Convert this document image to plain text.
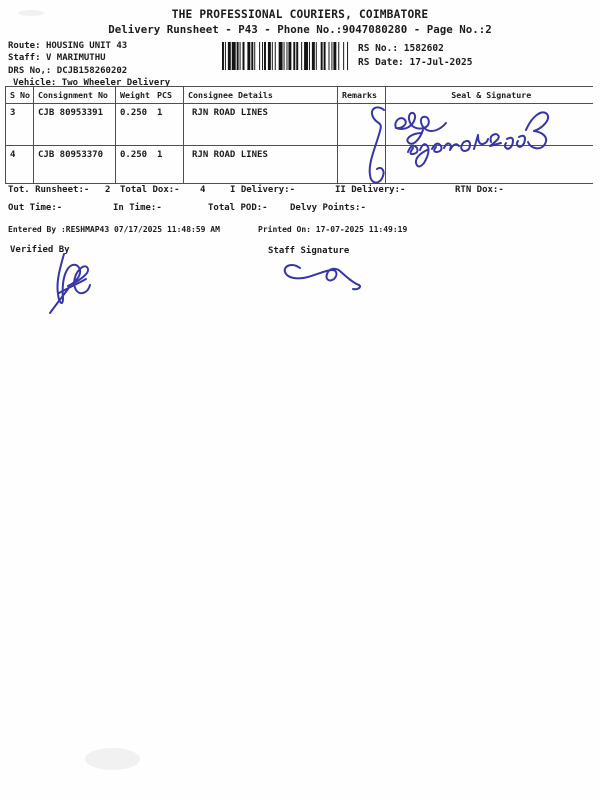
THE PROFESSIONAL COURIERS, COIMBATORE
Delivery Runsheet - P43 - Phone No.:9047080280 - Page No.:2
Route: HOUSING UNIT 43
Staff: V MARIMUTHU
DRS No,: DCJB158260202
Vehicle: Two Wheeler Delivery
RS No.: 1582602
RS Date: 17-Jul-2025
S No	Consignment No	Weight PCS	Consignee Details	Remarks	Seal & Signature
3	CJB 80953391	0.250 1	RJN ROAD LINES		
4	CJB 80953370	0.250 1	RJN ROAD LINES		
Tot. Runsheet:- 2 Total Dox:- 4	I Delivery:-	II Delivery:-	RTN Dox:-
Out Time:-	In Time:-	Total POD:- Delvy Points:-
Entered By :RESHMAP43 07/17/2025 11:48:59 AM	Printed On: 17-07-2025 11:49:19
Verified By	Staff Signature
